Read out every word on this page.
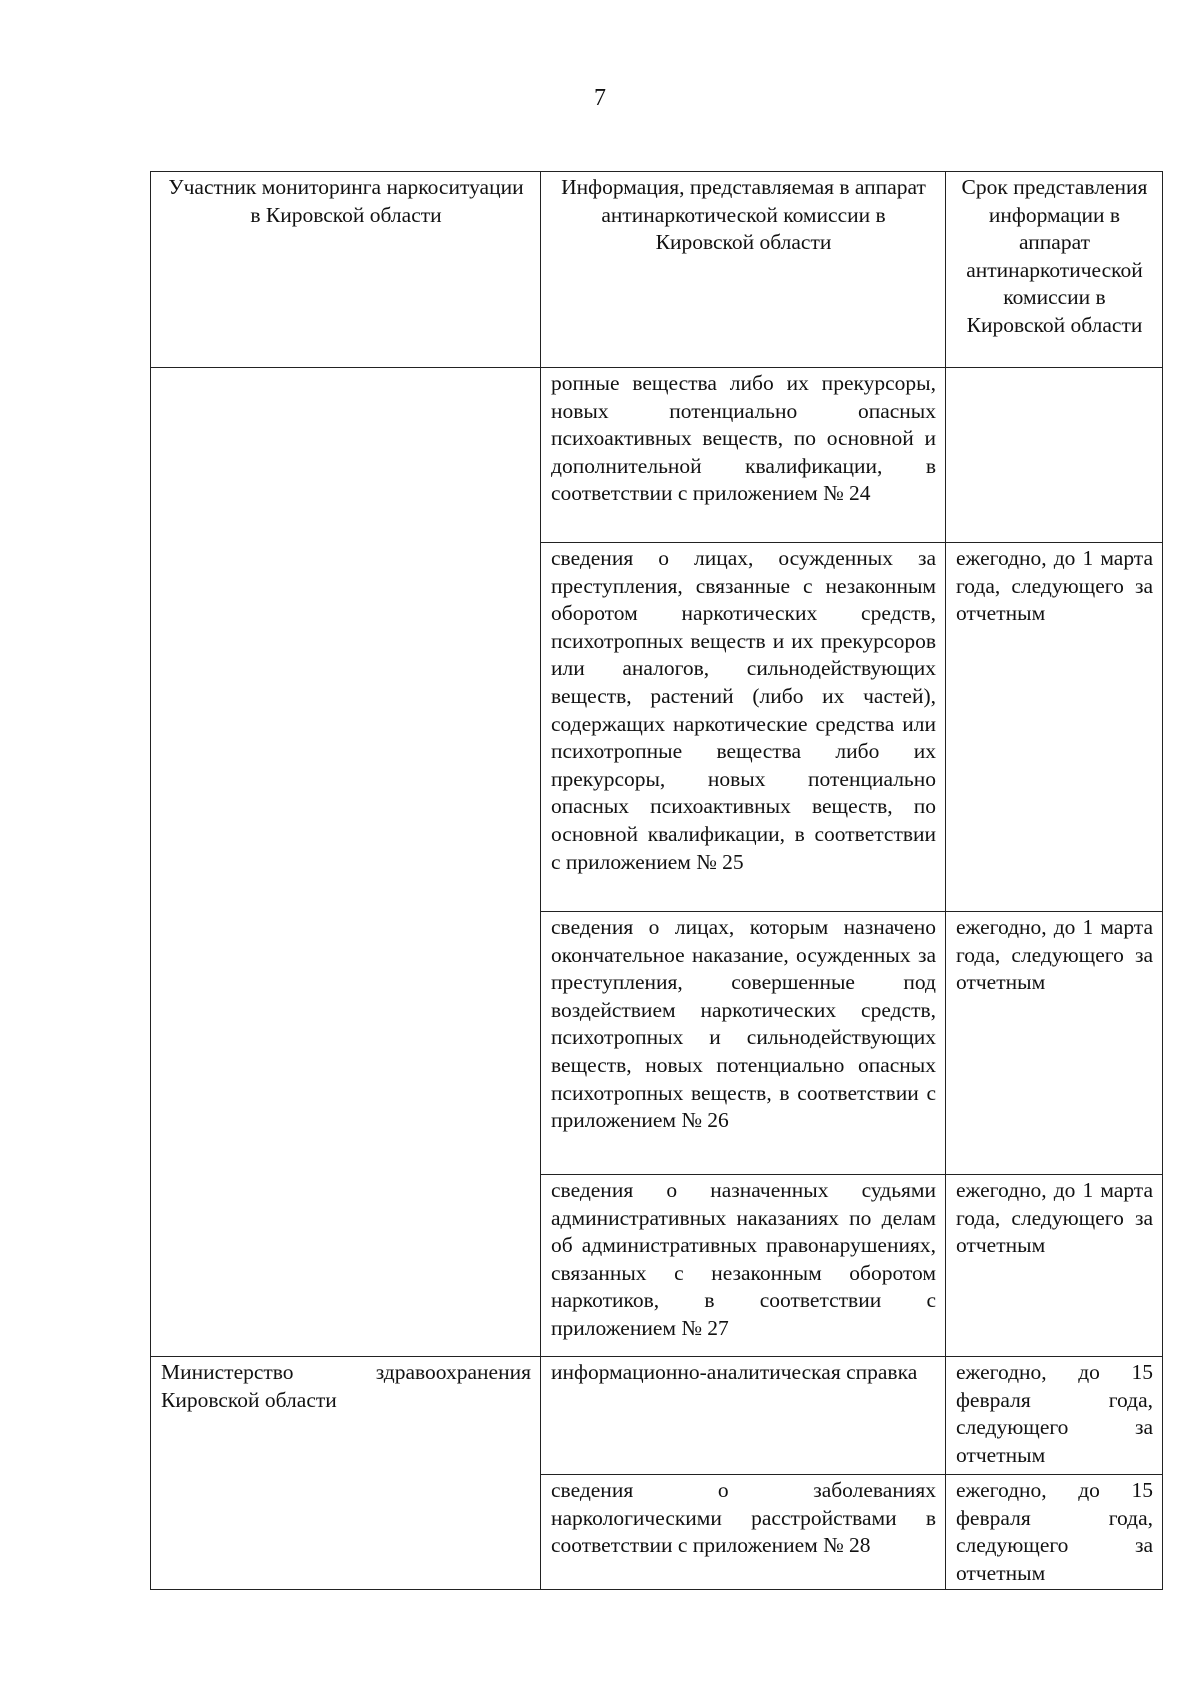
7
Участник мониторинга наркоситуации в Кировской области	Информация, представляемая в аппарат антинаркотической комиссии в Кировской области	Срок представления информации в аппарат антинаркотической комиссии в Кировской области
	ропные вещества либо их прекурсоры, новых потенциально опасных психоактивных веществ, по основной и дополнительной квалификации, в соответствии с приложением № 24	
	сведения о лицах, осужденных за преступления, связанные с незаконным оборотом наркотических средств, психотропных веществ и их прекурсоров или аналогов, сильнодействующих веществ, растений (либо их частей), содержащих наркотические средства или психотропные вещества либо их прекурсоры, новых потенциально опасных психоактивных веществ, по основной квалификации, в соответствии с приложением № 25	ежегодно, до 1 марта года, следующего за отчетным
	сведения о лицах, которым назначено окончательное наказание, осужденных за преступления, совершенные под воздействием наркотических средств, психотропных и сильнодействующих веществ, новых потенциально опасных психотропных веществ, в соответствии с приложением № 26	ежегодно, до 1 марта года, следующего за отчетным
	сведения о назначенных судьями административных наказаниях по делам об административных правонарушениях, связанных с незаконным оборотом наркотиков, в соответствии с приложением № 27	ежегодно, до 1 марта года, следующего за отчетным
Министерство здравоохранения Кировской области	информационно-аналитическая справка	ежегодно, до 15 февраля года, следующего за отчетным
	сведения о заболеваниях наркологическими расстройствами в соответствии с приложением № 28	ежегодно, до 15 февраля года, следующего за отчетным
